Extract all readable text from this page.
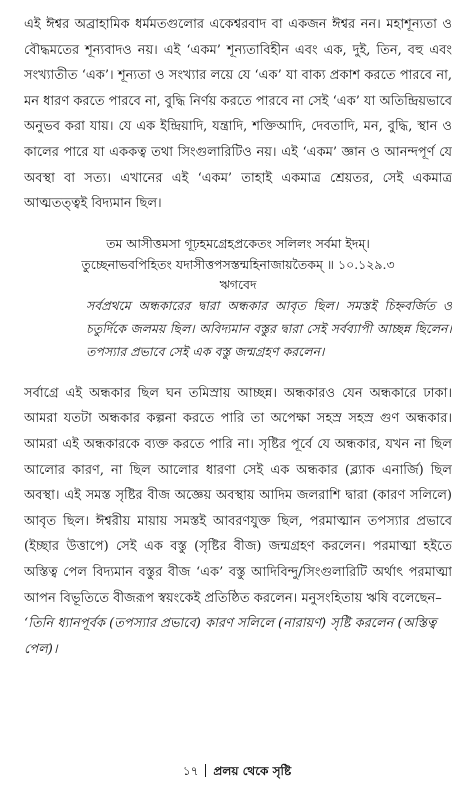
এই ঈশ্বর অব্রাহামিক ধর্মমতগুলোর একেশ্বরবাদ বা একজন ঈশ্বর নন। মহাশূন্যতা ও বৌদ্ধমতের শূন্যবাদও নয়। এই ‘একম’ শূন্যতাবিহীন এবং এক, দুই, তিন, বহু এবং সংখ্যাতীত ‘এক’। শূন্যতা ও সংখ্যার লয়ে যে ‘এক’ যা বাক্য প্রকাশ করতে পারবে না, মন ধারণ করতে পারবে না, বুদ্ধি নির্ণয় করতে পারবে না সেই ‘এক’ যা অতিন্দ্রিয়ভাবে অনুভব করা যায়। যে এক ইন্দ্রিয়াদি, যন্ত্রাদি, শক্তিআদি, দেবতাদি, মন, বুদ্ধি, স্থান ও কালের পারে যা এককত্ব তথা সিংগুলারিটিও নয়। এই ‘একম’ জ্ঞান ও আনন্দপূর্ণ যে অবস্থা বা সত্য। এখানের এই ‘একম’ তাহাই একমাত্র শ্রেয়তর, সেই একমাত্র আত্মতত্ত্বই বিদ্যমান ছিল।

তম আসীত্তমসা গূঢ়হমগ্রেহপ্রকেতং সলিলং সর্বমা ইদম্।

তুচ্ছেনাভবপিহিতং যদাসীত্তপসস্তন্মহিনাজায়তৈকম্ ॥ ১০.১২৯.৩

ঋগবেদ

সর্বপ্রথমে অন্ধকারের দ্বারা অন্ধকার আবৃত ছিল। সমস্তই চিহ্নবর্জিত ও চতুর্দিকে জলময় ছিল। অবিদ্যমান বস্তুর দ্বারা সেই সর্বব্যাপী আচ্ছন্ন ছিলেন। তপস্যার প্রভাবে সেই এক বস্তু জন্মগ্রহণ করলেন।

সর্বাগ্রে এই অন্ধকার ছিল ঘন তমিস্রায় আচ্ছন্ন। অন্ধকারও যেন অন্ধকারে ঢাকা। আমরা যতটা অন্ধকার কল্পনা করতে পারি তা অপেক্ষা সহস্র সহস্র গুণ অন্ধকার। আমরা এই অন্ধকারকে ব্যক্ত করতে পারি না। সৃষ্টির পূর্বে যে অন্ধকার, যখন না ছিল আলোর কারণ, না ছিল আলোর ধারণা সেই এক অন্ধকার (ব্ল্যাক এনার্জি) ছিল অবস্থা। এই সমস্ত সৃষ্টির বীজ অজ্ঞেয় অবস্থায় আদিম জলরাশি দ্বারা (কারণ সলিলে) আবৃত ছিল। ঈশ্বরীয় মায়ায় সমস্তই আবরণযুক্ত ছিল, পরমাত্মান তপস্যার প্রভাবে (ইচ্ছার উত্তাপে) সেই এক বস্তু (সৃষ্টির বীজ) জন্মগ্রহণ করলেন। পরমাত্মা হইতে অস্তিত্ব পেল বিদ্যমান বস্তুর বীজ ‘এক’ বস্তু আদিবিন্দু/সিংগুলারিটি অর্থাৎ পরমাত্মা আপন বিভূতিতে বীজরূপ স্বয়ংকেই প্রতিষ্ঠিত করলেন। মনুসংহিতায় ঋষি বলেছেন–

‘তিনি ধ্যানপূর্বক (তপস্যার প্রভাবে) কারণ সলিলে (নারায়ণ) সৃষ্টি করলেন (অস্তিত্ব পেল)।

১৭ প্রলয় থেকে সৃষ্টি
